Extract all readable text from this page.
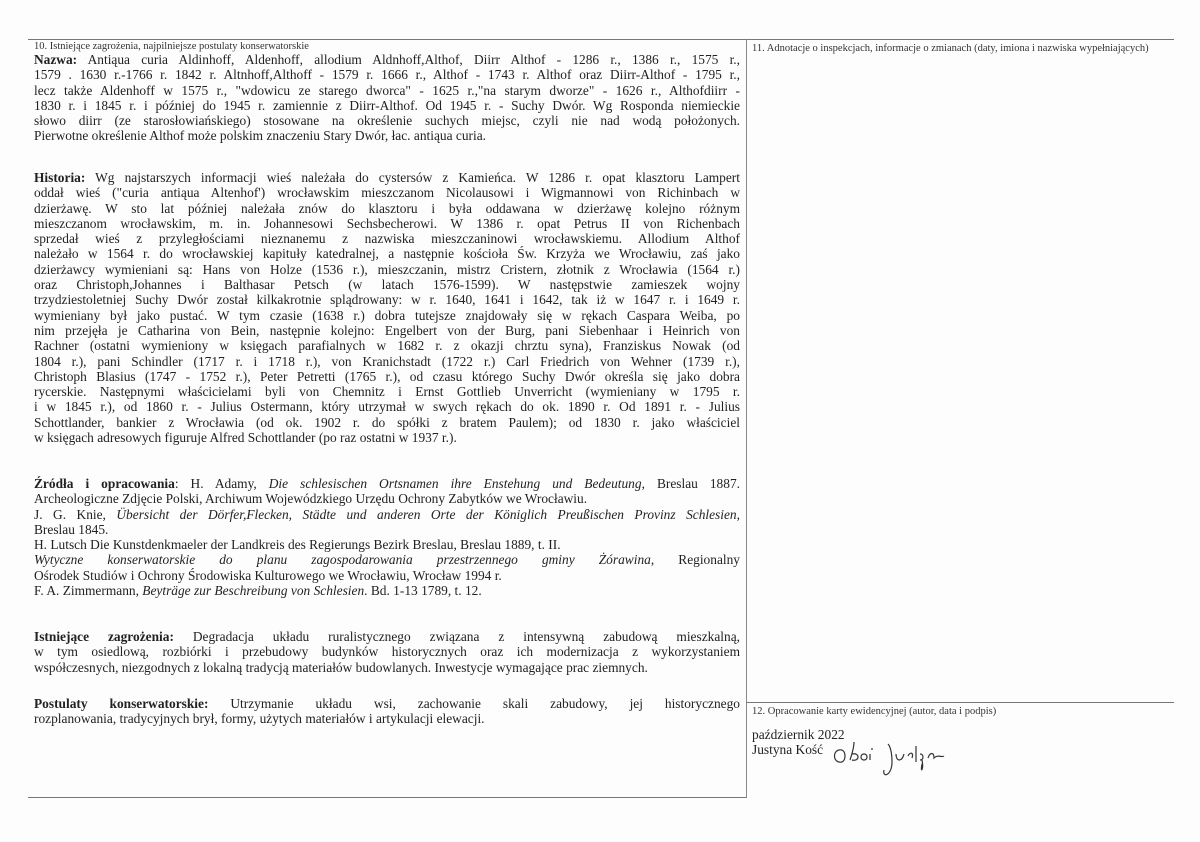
10. Istniejące zagrożenia, najpilniejsze postulaty konserwatorskie
Nazwa: Antiąua curia Aldinhoff, Aldenhoff, allodium Aldnhoff,Althof, Diirr Althof - 1286 r., 1386 r., 1575 r.,
1579 . 1630 r.-1766 r. 1842 r. Altnhoff,Althoff - 1579 r. 1666 r., Althof - 1743 r. Althof oraz Diirr-Althof - 1795 r.,
lecz także Aldenhoff w 1575 r., "wdowicu ze starego dworca" - 1625 r.,"na starym dworze" - 1626 r., Althofdiirr -
1830 r. i 1845 r. i później do 1945 r. zamiennie z Diirr-Althof. Od 1945 r. - Suchy Dwór. Wg Rosponda niemieckie
słowo diirr (ze starosłowiańskiego) stosowane na określenie suchych miejsc, czyli nie nad wodą położonych.
Pierwotne określenie Althof może polskim znaczeniu Stary Dwór, łac. antiąua curia.
Historia: Wg najstarszych informacji wieś należała do cystersów z Kamieńca. W 1286 r. opat klasztoru Lampert
oddał wieś ("curia antiąua Altenhof') wrocławskim mieszczanom Nicolausowi i Wigmannowi von Richinbach w
dzierżawę. W sto lat później należała znów do klasztoru i była oddawana w dzierżawę kolejno różnym
mieszczanom wrocławskim, m. in. Johannesowi Sechsbecherowi. W 1386 r. opat Petrus II von Richenbach
sprzedał wieś z przyległościami nieznanemu z nazwiska mieszczaninowi wrocławskiemu. Allodium Althof
należało w 1564 r. do wrocławskiej kapituły katedralnej, a następnie kościoła Św. Krzyża we Wrocławiu, zaś jako
dzierżawcy wymieniani są: Hans von Holze (1536 r.), mieszczanin, mistrz Cristern, złotnik z Wrocławia (1564 r.)
oraz Christoph,Johannes i Balthasar Petsch (w latach 1576-1599). W następstwie zamieszek wojny
trzydziestoletniej Suchy Dwór został kilkakrotnie splądrowany: w r. 1640, 1641 i 1642, tak iż w 1647 r. i 1649 r.
wymieniany był jako pustać. W tym czasie (1638 r.) dobra tutejsze znajdowały się w rękach Caspara Weiba, po
nim przejęła je Catharina von Bein, następnie kolejno: Engelbert von der Burg, pani Siebenhaar i Heinrich von
Rachner (ostatni wymieniony w księgach parafialnych w 1682 r. z okazji chrztu syna), Franziskus Nowak (od
1804 r.), pani Schindler (1717 r. i 1718 r.), von Kranichstadt (1722 r.) Carl Friedrich von Wehner (1739 r.),
Christoph Blasius (1747 - 1752 r.), Peter Petretti (1765 r.), od czasu którego Suchy Dwór określa się jako dobra
rycerskie. Następnymi właścicielami byli von Chemnitz i Ernst Gottlieb Unverricht (wymieniany w 1795 r.
i w 1845 r.), od 1860 r. - Julius Ostermann, który utrzymał w swych rękach do ok. 1890 r. Od 1891 r. - Julius
Schottlander, bankier z Wrocławia (od ok. 1902 r. do spółki z bratem Paulem); od 1830 r. jako właściciel
w księgach adresowych figuruje Alfred Schottlander (po raz ostatni w 1937 r.).
Źródła i opracowania: H. Adamy, Die schlesischen Ortsnamen ihre Enstehung und Bedeutung, Breslau 1887.
Archeologiczne Zdjęcie Polski, Archiwum Wojewódzkiego Urzędu Ochrony Zabytków we Wrocławiu.
J. G. Knie, Übersicht der Dörfer,Flecken, Städte und anderen Orte der Königlich Preußischen Provinz Schlesien,
Breslau 1845.
H. Lutsch Die Kunstdenkmaeler der Landkreis des Regierungs Bezirk Breslau, Breslau 1889, t. II.
Wytyczne konserwatorskie do planu zagospodarowania przestrzennego gminy Żórawina, Regionalny
Ośrodek Studiów i Ochrony Środowiska Kulturowego we Wrocławiu, Wrocław 1994 r.
F. A. Zimmermann, Beyträge zur Beschreibung von Schlesien. Bd. 1-13 1789, t. 12.
Istniejące zagrożenia: Degradacja układu ruralistycznego związana z intensywną zabudową mieszkalną,
w tym osiedlową, rozbiórki i przebudowy budynków historycznych oraz ich modernizacja z wykorzystaniem
współczesnych, niezgodnych z lokalną tradycją materiałów budowlanych. Inwestycje wymagające prac ziemnych.
Postulaty konserwatorskie: Utrzymanie układu wsi, zachowanie skali zabudowy, jej historycznego
rozplanowania, tradycyjnych brył, formy, użytych materiałów i artykulacji elewacji.
11. Adnotacje o inspekcjach, informacje o zmianach (daty, imiona i nazwiska wypełniających)
12. Opracowanie karty ewidencyjnej (autor, data i podpis)
październik 2022
Justyna Kość
